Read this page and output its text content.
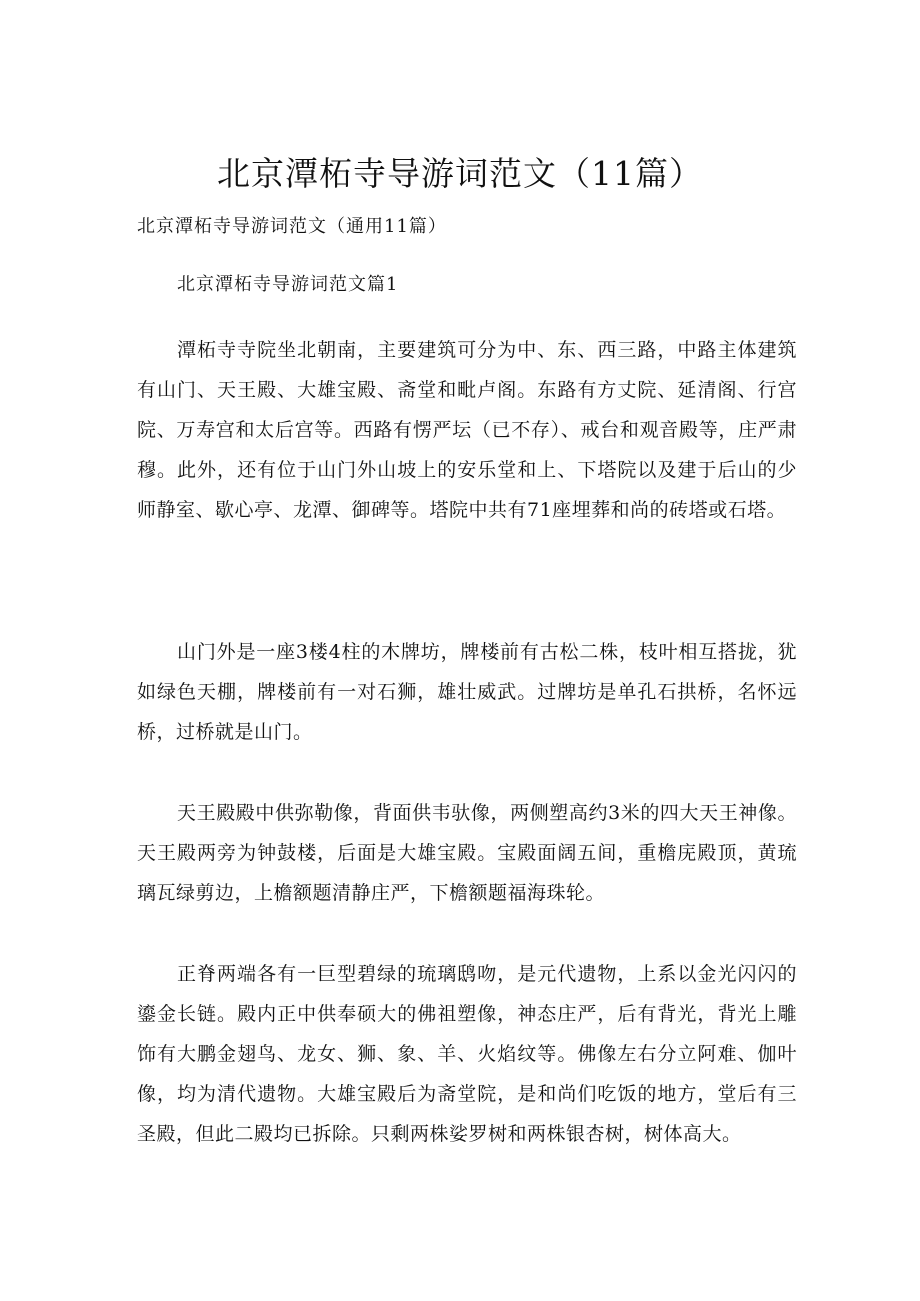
北京潭柘寺导游词范文（11篇）

北京潭柘寺导游词范文（通用11篇）

北京潭柘寺导游词范文篇1

潭柘寺寺院坐北朝南，主要建筑可分为中、东、西三路，中路主体建筑有山门、天王殿、大雄宝殿、斋堂和毗卢阁。东路有方丈院、延清阁、行宫院、万寿宫和太后宫等。西路有愣严坛（已不存）、戒台和观音殿等，庄严肃穆。此外，还有位于山门外山坡上的安乐堂和上、下塔院以及建于后山的少师静室、歇心亭、龙潭、御碑等。塔院中共有71座埋葬和尚的砖塔或石塔。

山门外是一座3楼4柱的木牌坊，牌楼前有古松二株，枝叶相互搭拢，犹如绿色天棚，牌楼前有一对石狮，雄壮威武。过牌坊是单孔石拱桥，名怀远桥，过桥就是山门。

天王殿殿中供弥勒像，背面供韦驮像，两侧塑高约3米的四大天王神像。天王殿两旁为钟鼓楼，后面是大雄宝殿。宝殿面阔五间，重檐庑殿顶，黄琉璃瓦绿剪边，上檐额题清静庄严，下檐额题福海珠轮。

正脊两端各有一巨型碧绿的琉璃鸱吻，是元代遗物，上系以金光闪闪的鎏金长链。殿内正中供奉硕大的佛祖塑像，神态庄严，后有背光，背光上雕饰有大鹏金翅鸟、龙女、狮、象、羊、火焰纹等。佛像左右分立阿难、伽叶像，均为清代遗物。大雄宝殿后为斋堂院，是和尚们吃饭的地方，堂后有三圣殿，但此二殿均已拆除。只剩两株娑罗树和两株银杏树，树体高大。
